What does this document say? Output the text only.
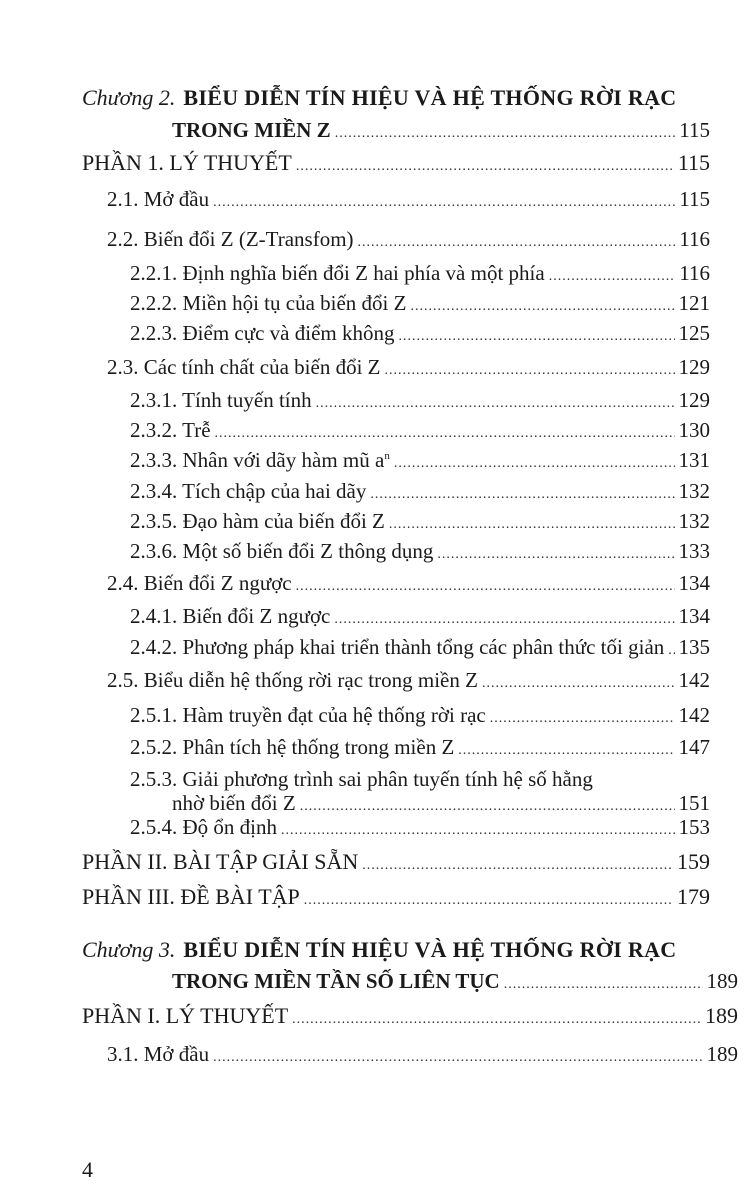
Chương 2. BIỂU DIỄN TÍN HIỆU VÀ HỆ THỐNG RỜI RẠC
TRONG MIỀN Z .....	115
PHẦN 1. LÝ THUYẾT .....	115
2.1. Mở đầu .....	115
2.2. Biến đổi Z (Z-Transfom) .....	116
2.2.1. Định nghĩa biến đổi Z hai phía và một phía .....	116
2.2.2. Miền hội tụ của biến đổi Z .....	121
2.2.3. Điểm cực và điểm không .....	125
2.3. Các tính chất của biến đổi Z .....	129
2.3.1. Tính tuyến tính .....	129
2.3.2. Trễ .....	130
2.3.3. Nhân với dãy hàm mũ $a^n$ .....	131
2.3.4. Tích chập của hai dãy .....	132
2.3.5. Đạo hàm của biến đổi Z .....	132
2.3.6. Một số biến đổi Z thông dụng .....	133
2.4. Biến đổi Z ngược .....	134
2.4.1. Biến đổi Z ngược .....	134
2.4.2. Phương pháp khai triển thành tổng các phân thức tối giản ..... 135
2.5. Biểu diễn hệ thống rời rạc trong miền Z .....	142
2.5.1. Hàm truyền đạt của hệ thống rời rạc .....	142
2.5.2. Phân tích hệ thống trong miền Z .....	147
2.5.3. Giải phương trình sai phân tuyến tính hệ số hằng
nhờ biến đổi Z .....	151
2.5.4. Độ ổn định .....	153
PHẦN II. BÀI TẬP GIẢI SẴN .....	159
PHẦN III. ĐỀ BÀI TẬP .....	179
Chương 3. BIỂU DIỄN TÍN HIỆU VÀ HỆ THỐNG RỜI RẠC
TRONG MIỀN TẦN SỐ LIÊN TỤC .....	189
PHẦN I. LÝ THUYẾT .....	189
3.1. Mở đầu .....	189
4
